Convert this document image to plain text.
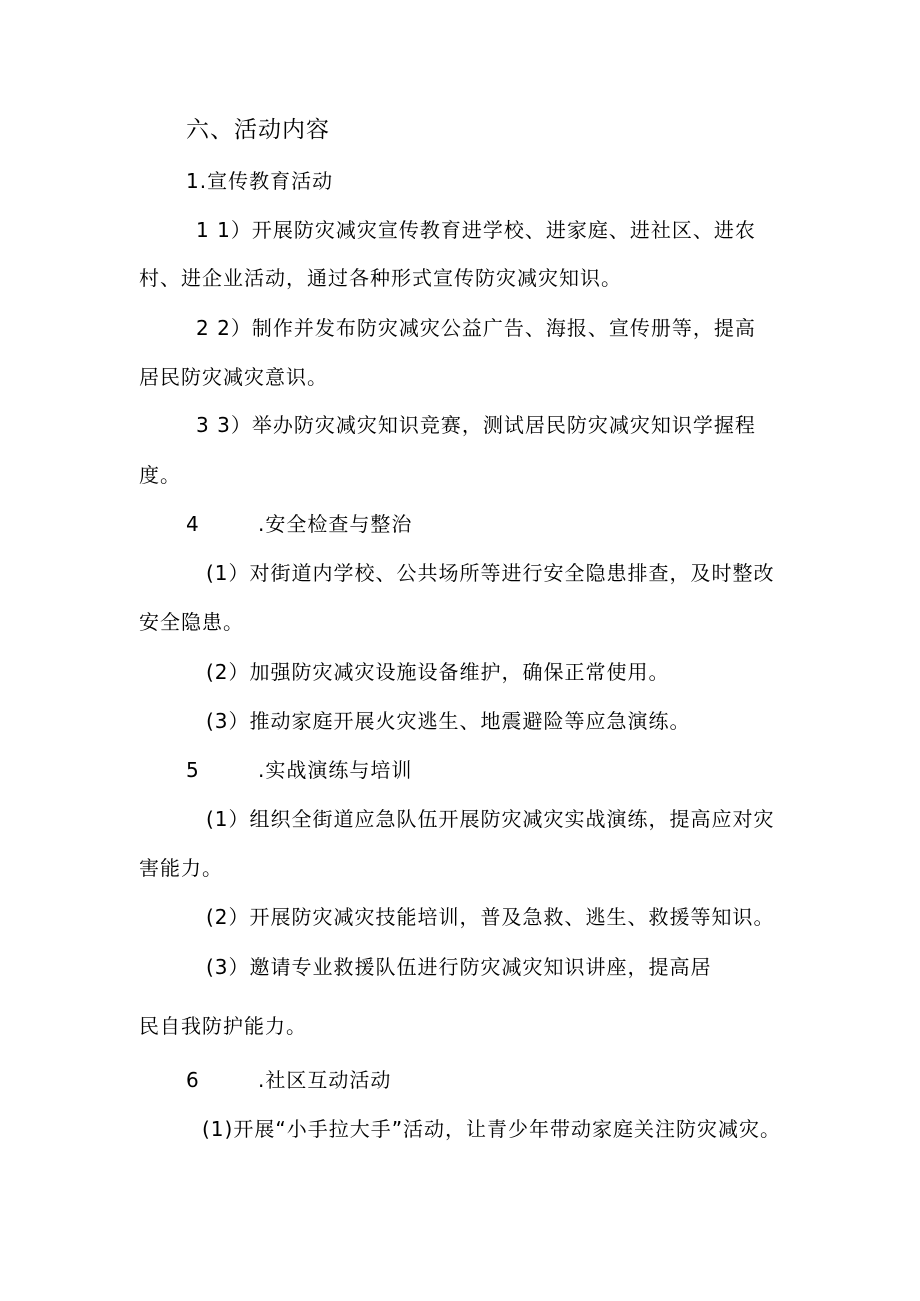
六、活动内容
1.宣传教育活动
1 1）开展防灾减灾宣传教育进学校、进家庭、进社区、进农
村、进企业活动，通过各种形式宣传防灾减灾知识。
2 2）制作并发布防灾减灾公益广告、海报、宣传册等，提高
居民防灾减灾意识。
3 3）举办防灾减灾知识竞赛，测试居民防灾减灾知识学握程
度。
4	.安全检查与整治
(1）对街道内学校、公共场所等进行安全隐患排查，及时整改
安全隐患。
(2）加强防灾减灾设施设备维护，确保正常使用。
(3）推动家庭开展火灾逃生、地震避险等应急演练。
5	.实战演练与培训
(1）组织全街道应急队伍开展防灾减灾实战演练，提高应对灾
害能力。
(2）开展防灾减灾技能培训，普及急救、逃生、救援等知识。
(3）邀请专业救援队伍进行防灾减灾知识讲座，提高居
民自我防护能力。
6	.社区互动活动
(1)开展“小手拉大手”活动，让青少年带动家庭关注防灾减灾。
